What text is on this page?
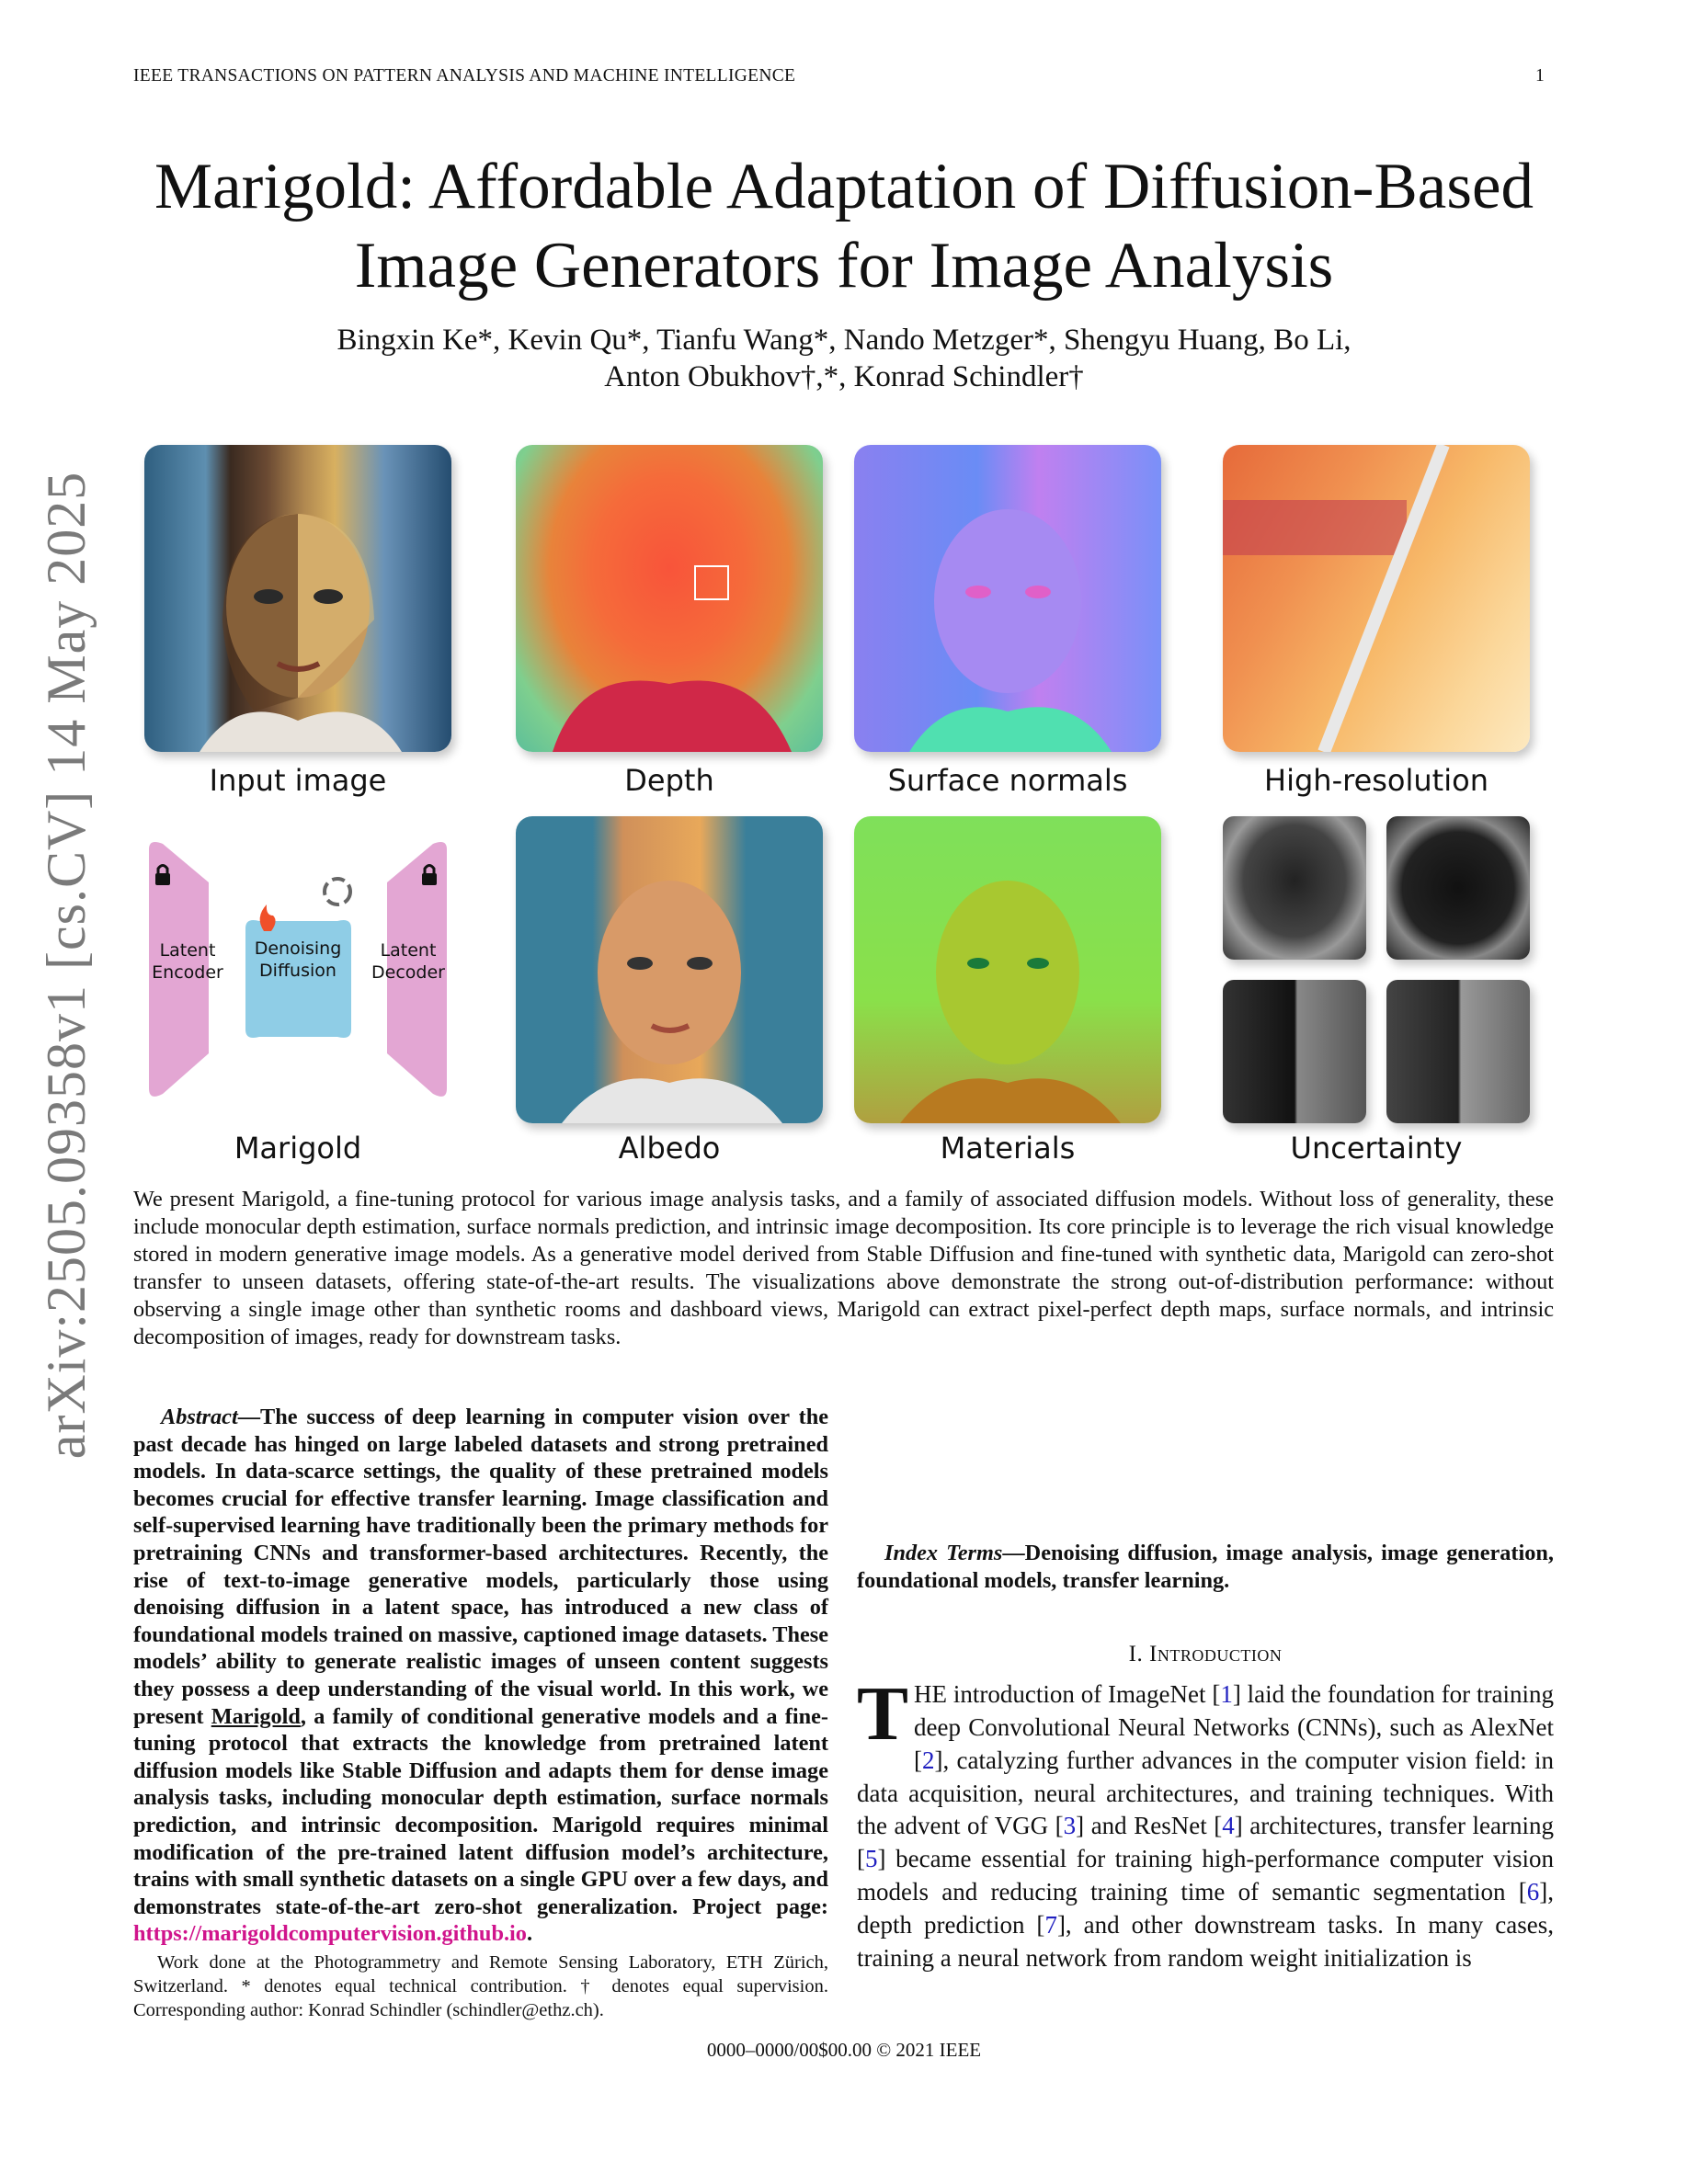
IEEE TRANSACTIONS ON PATTERN ANALYSIS AND MACHINE INTELLIGENCE	1
Marigold: Affordable Adaptation of Diffusion-Based
Image Generators for Image Analysis
Bingxin Ke*, Kevin Qu*, Tianfu Wang*, Nando Metzger*, Shengyu Huang, Bo Li,
Anton Obukhov†,*, Konrad Schindler†
arXiv:2505.09358v1 [cs.CV] 14 May 2025	Input image	Depth	Surface normals	High-resolution
Latent
Encoder
Denoising
Diffusion
Latent
Decoder
Marigold	Albedo	Materials	Uncertainty

We present Marigold, a fine-tuning protocol for various image analysis tasks, and a family of associated diffusion models. Without loss of generality, these include monocular depth estimation, surface normals prediction, and intrinsic image decomposition. Its core principle is to leverage the rich visual knowledge stored in modern generative image models. As a generative model derived from Stable Diffusion and fine-tuned with synthetic data, Marigold can zero-shot transfer to unseen datasets, offering state-of-the-art results. The visualizations above demonstrate the strong out-of-distribution performance: without observing a single image other than synthetic rooms and dashboard views, Marigold can extract pixel-perfect depth maps, surface normals, and intrinsic decomposition of images, ready for downstream tasks.

Abstract—The success of deep learning in computer vision over the past decade has hinged on large labeled datasets and strong pretrained models. In data-scarce settings, the quality of these pretrained models becomes crucial for effective transfer learning. Image classification and self-supervised learning have traditionally been the primary methods for pretraining CNNs and transformer-based architectures. Recently, the rise of text-to-image generative models, particularly those using denoising diffusion in a latent space, has introduced a new class of foundational models trained on massive, captioned image datasets. These models’ ability to generate realistic images of unseen content suggests they possess a deep understanding of the visual world. In this work, we present Marigold, a family of conditional generative models and a fine-tuning protocol that extracts the knowledge from pretrained latent diffusion models like Stable Diffusion and adapts them for dense image analysis tasks, including monocular depth estimation, surface normals prediction, and intrinsic decomposition. Marigold requires minimal modification of the pre-trained latent diffusion model’s architecture, trains with small synthetic datasets on a single GPU over a few days, and demonstrates state-of-the-art zero-shot generalization. Project page: https://marigoldcomputervision.github.io.

Index Terms—Denoising diffusion, image analysis, image generation, foundational models, transfer learning.

I. Introduction

THE introduction of ImageNet [1] laid the foundation for training deep Convolutional Neural Networks (CNNs), such as AlexNet [2], catalyzing further advances in the computer vision field: in data acquisition, neural architectures, and training techniques. With the advent of VGG [3] and ResNet [4] architectures, transfer learning [5] became essential for training high-performance computer vision models and reducing training time of semantic segmentation [6], depth prediction [7], and other downstream tasks. In many cases, training a neural network from random weight initialization is

Work done at the Photogrammetry and Remote Sensing Laboratory, ETH Zürich, Switzerland. * denotes equal technical contribution. † denotes equal supervision. Corresponding author: Konrad Schindler (schindler@ethz.ch).

0000–0000/00$00.00 © 2021 IEEE
